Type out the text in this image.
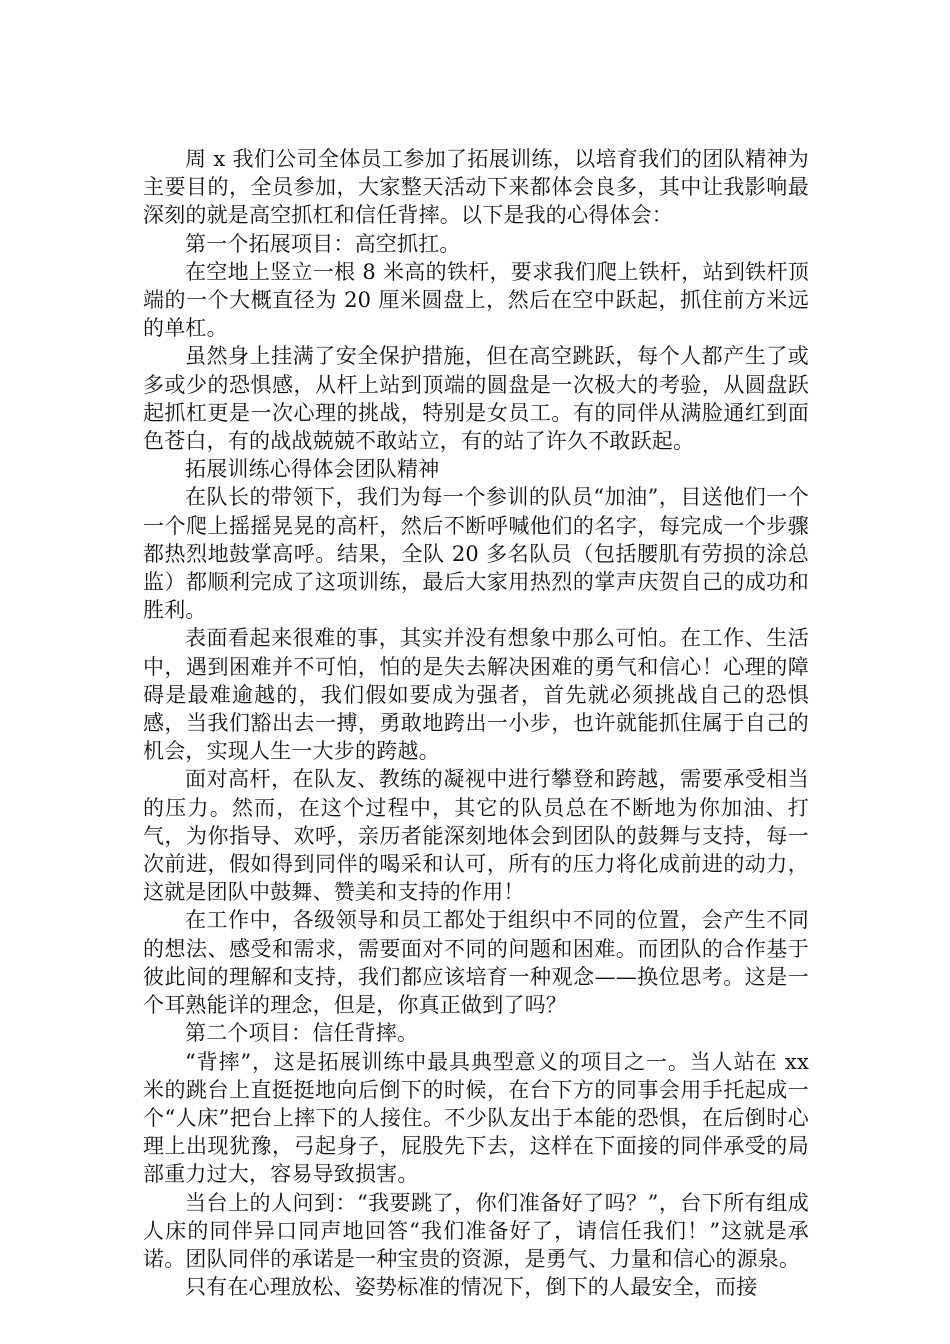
周 x 我们公司全体员工参加了拓展训练，以培育我们的团队精神为主要目的，全员参加，大家整天活动下来都体会良多，其中让我影响最深刻的就是高空抓杠和信任背摔。以下是我的心得体会：

第一个拓展项目：高空抓扛。

在空地上竖立一根 8 米高的铁杆，要求我们爬上铁杆，站到铁杆顶端的一个大概直径为 20 厘米圆盘上，然后在空中跃起，抓住前方米远的单杠。

虽然身上挂满了安全保护措施，但在高空跳跃，每个人都产生了或多或少的恐惧感，从杆上站到顶端的圆盘是一次极大的考验，从圆盘跃起抓杠更是一次心理的挑战，特别是女员工。有的同伴从满脸通红到面色苍白，有的战战兢兢不敢站立，有的站了许久不敢跃起。

拓展训练心得体会团队精神

在队长的带领下，我们为每一个参训的队员“加油”，目送他们一个一个爬上摇摇晃晃的高杆，然后不断呼喊他们的名字，每完成一个步骤都热烈地鼓掌高呼。结果，全队 20 多名队员（包括腰肌有劳损的涂总监）都顺利完成了这项训练，最后大家用热烈的掌声庆贺自己的成功和胜利。

表面看起来很难的事，其实并没有想象中那么可怕。在工作、生活中，遇到困难并不可怕，怕的是失去解决困难的勇气和信心！心理的障碍是最难逾越的，我们假如要成为强者，首先就必须挑战自己的恐惧感，当我们豁出去一搏，勇敢地跨出一小步，也许就能抓住属于自己的机会，实现人生一大步的跨越。

面对高杆，在队友、教练的凝视中进行攀登和跨越，需要承受相当的压力。然而，在这个过程中，其它的队员总在不断地为你加油、打气，为你指导、欢呼，亲历者能深刻地体会到团队的鼓舞与支持，每一次前进，假如得到同伴的喝采和认可，所有的压力将化成前进的动力，这就是团队中鼓舞、赞美和支持的作用！

在工作中，各级领导和员工都处于组织中不同的位置，会产生不同的想法、感受和需求，需要面对不同的问题和困难。而团队的合作基于彼此间的理解和支持，我们都应该培育一种观念——换位思考。这是一个耳熟能详的理念，但是，你真正做到了吗？

第二个项目：信任背摔。

“背摔”，这是拓展训练中最具典型意义的项目之一。当人站在 xx 米的跳台上直挺挺地向后倒下的时候，在台下方的同事会用手托起成一个“人床”把台上摔下的人接住。不少队友出于本能的恐惧，在后倒时心理上出现犹豫，弓起身子，屁股先下去，这样在下面接的同伴承受的局部重力过大，容易导致损害。

当台上的人问到：“我要跳了，你们准备好了吗？”，台下所有组成人床的同伴异口同声地回答“我们准备好了，请信任我们！”这就是承诺。团队同伴的承诺是一种宝贵的资源，是勇气、力量和信心的源泉。

只有在心理放松、姿势标准的情况下，倒下的人最安全，而接
